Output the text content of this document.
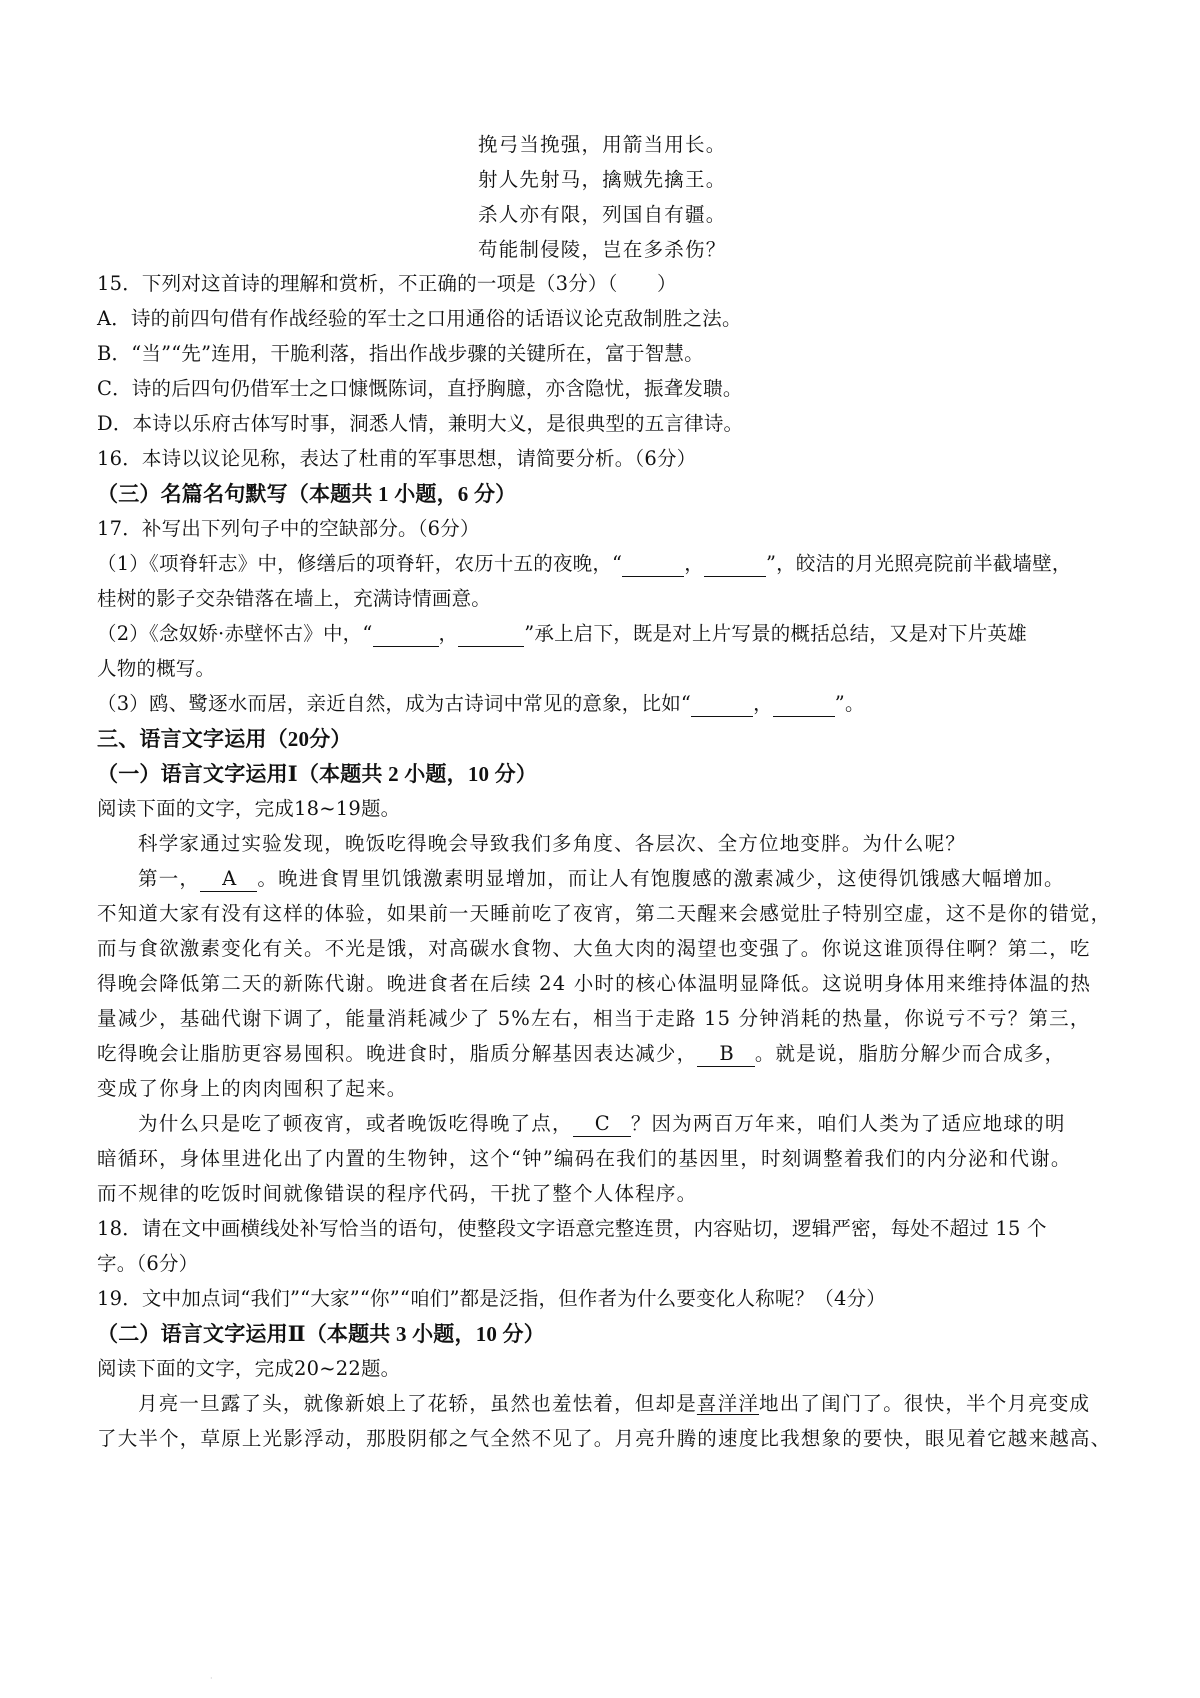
挽弓当挽强，用箭当用长。
射人先射马，擒贼先擒王。
杀人亦有限，列国自有疆。
苟能制侵陵，岂在多杀伤？
15．下列对这首诗的理解和赏析，不正确的一项是（3分）（　　）
A．诗的前四句借有作战经验的军士之口用通俗的话语议论克敌制胜之法。
B．“当”“先”连用，干脆利落，指出作战步骤的关键所在，富于智慧。
C．诗的后四句仍借军士之口慷慨陈词，直抒胸臆，亦含隐忧，振聋发聩。
D．本诗以乐府古体写时事，洞悉人情，兼明大义，是很典型的五言律诗。
16．本诗以议论见称，表达了杜甫的军事思想，请简要分析。（6分）
（三）名篇名句默写（本题共 1 小题，6 分）
17．补写出下列句子中的空缺部分。（6分）
（1）《项脊轩志》中，修缮后的项脊轩，农历十五的夜晚，“	，	”，皎洁的月光照亮院前半截墙壁，
桂树的影子交杂错落在墙上，充满诗情画意。
（2）《念奴娇·赤壁怀古》中，“	，	”承上启下，既是对上片写景的概括总结，又是对下片英雄
人物的概写。
（3）鸥、鹭逐水而居，亲近自然，成为古诗词中常见的意象，比如“	，	”。
三、语言文字运用（20分）
（一）语言文字运用Ⅰ（本题共 2 小题，10 分）
阅读下面的文字，完成18~19题。
科学家通过实验发现，晚饭吃得晚会导致我们多角度、各层次、全方位地变胖。为什么呢？
第一， A 。晚进食胃里饥饿激素明显增加，而让人有饱腹感的激素减少，这使得饥饿感大幅增加。
不知道大家有没有这样的体验，如果前一天睡前吃了夜宵，第二天醒来会感觉肚子特别空虚，这不是你的错觉，
而与食欲激素变化有关。不光是饿，对高碳水食物、大鱼大肉的渴望也变强了。你说这谁顶得住啊？第二，吃
得晚会降低第二天的新陈代谢。晚进食者在后续 24 小时的核心体温明显降低。这说明身体用来维持体温的热
量减少，基础代谢下调了，能量消耗减少了 5%左右，相当于走路 15 分钟消耗的热量，你说亏不亏？第三，
吃得晚会让脂肪更容易囤积。晚进食时，脂质分解基因表达减少， B 。就是说，脂肪分解少而合成多，
变成了你身上的肉肉囤积了起来。
为什么只是吃了顿夜宵，或者晚饭吃得晚了点， C ？因为两百万年来，咱们人类为了适应地球的明
暗循环，身体里进化出了内置的生物钟，这个“钟”编码在我们的基因里，时刻调整着我们的内分泌和代谢。
而不规律的吃饭时间就像错误的程序代码，干扰了整个人体程序。
18．请在文中画横线处补写恰当的语句，使整段文字语意完整连贯，内容贴切，逻辑严密，每处不超过 15 个
字。（6分）
19．文中加点词“我们”“大家”“你”“咱们”都是泛指，但作者为什么要变化人称呢？（4分）
（二）语言文字运用Ⅱ（本题共 3 小题，10 分）
阅读下面的文字，完成20~22题。
月亮一旦露了头，就像新娘上了花轿，虽然也羞怯着，但却是喜洋洋地出了闺门了。很快，半个月亮变成
了大半个，草原上光影浮动，那股阴郁之气全然不见了。月亮升腾的速度比我想象的要快，眼见着它越来越高、
·
